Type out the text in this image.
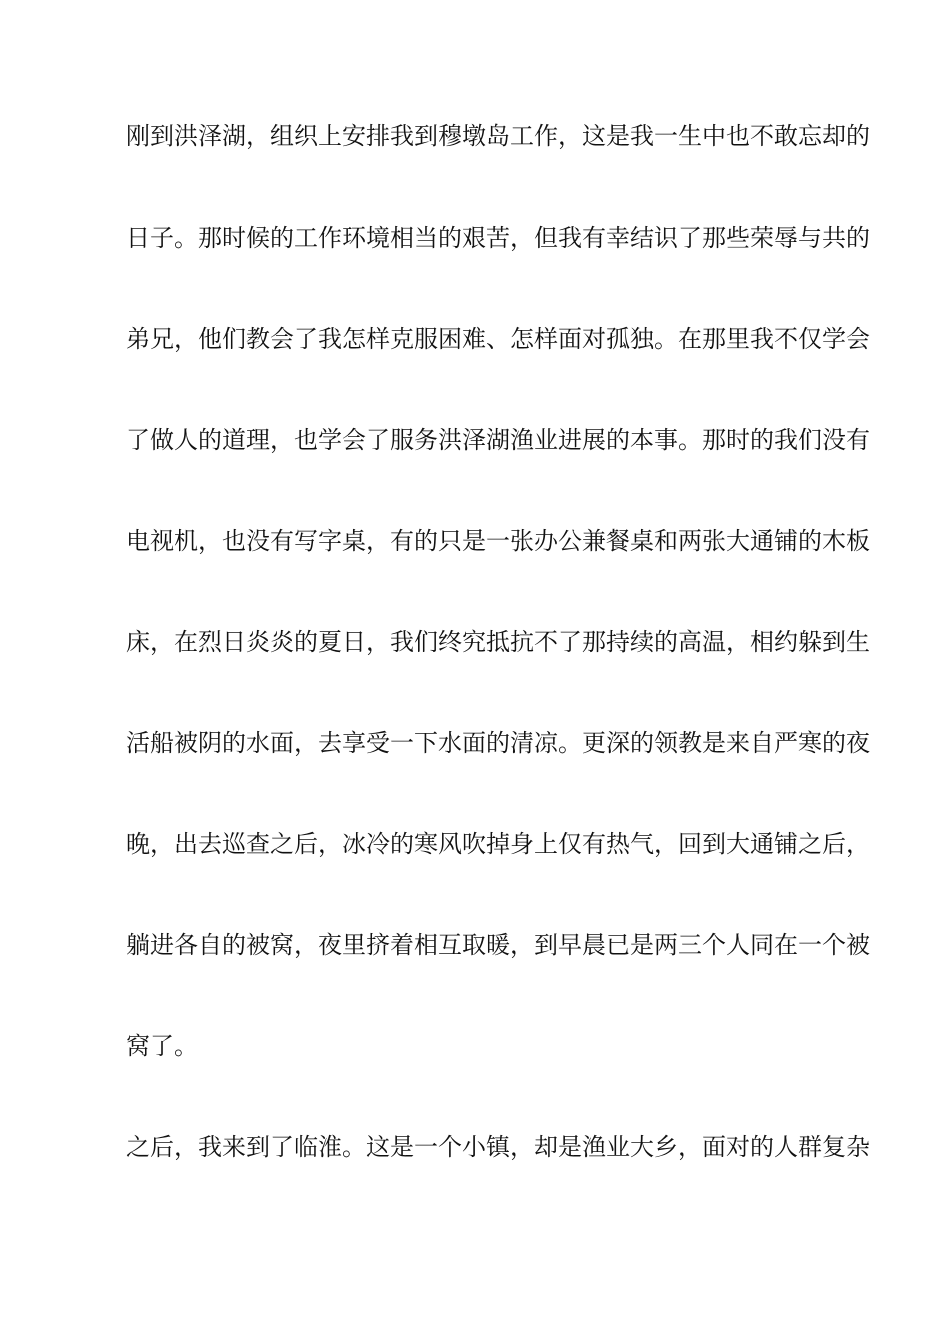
刚到洪泽湖，组织上安排我到穆墩岛工作，这是我一生中也不敢忘却的
日子。那时候的工作环境相当的艰苦，但我有幸结识了那些荣辱与共的
弟兄，他们教会了我怎样克服困难、怎样面对孤独。在那里我不仅学会
了做人的道理，也学会了服务洪泽湖渔业进展的本事。那时的我们没有
电视机，也没有写字桌，有的只是一张办公兼餐桌和两张大通铺的木板
床，在烈日炎炎的夏日，我们终究抵抗不了那持续的高温，相约躲到生
活船被阴的水面，去享受一下水面的清凉。更深的领教是来自严寒的夜
晚，出去巡查之后，冰冷的寒风吹掉身上仅有热气，回到大通铺之后，
躺进各自的被窝，夜里挤着相互取暖，到早晨已是两三个人同在一个被
窝了。
之后，我来到了临淮。这是一个小镇，却是渔业大乡，面对的人群复杂
